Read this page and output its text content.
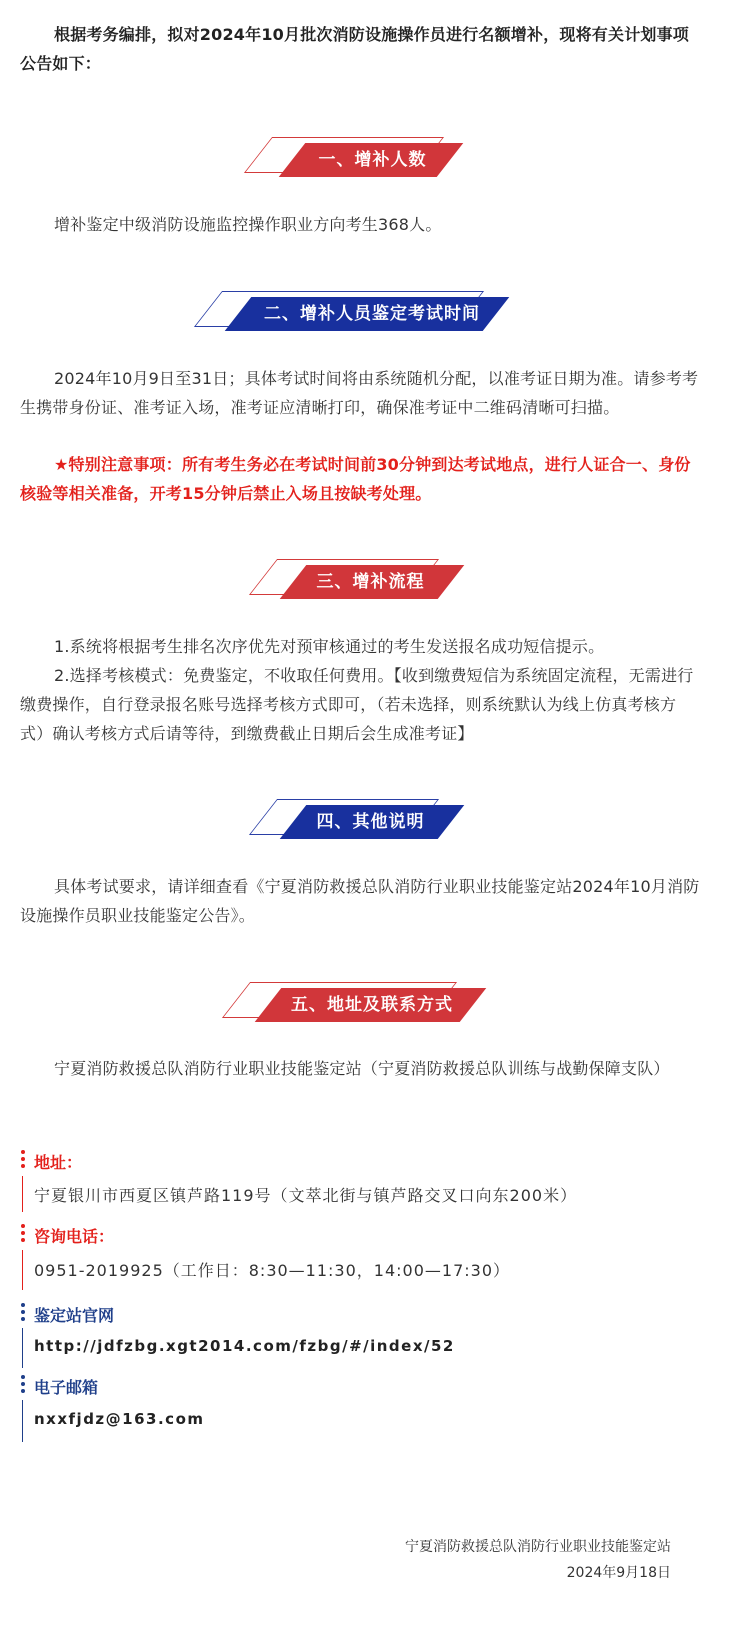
根据考务编排，拟对2024年10月批次消防设施操作员进行名额增补，现将有关计划事项公告如下：

一、增补人数

增补鉴定中级消防设施监控操作职业方向考生368人。

二、增补人员鉴定考试时间

2024年10月9日至31日；具体考试时间将由系统随机分配，以准考证日期为准。请参考考生携带身份证、准考证入场，准考证应清晰打印，确保准考证中二维码清晰可扫描。

★特别注意事项：所有考生务必在考试时间前30分钟到达考试地点，进行人证合一、身份核验等相关准备，开考15分钟后禁止入场且按缺考处理。

三、增补流程

1.系统将根据考生排名次序优先对预审核通过的考生发送报名成功短信提示。

2.选择考核模式：免费鉴定，不收取任何费用。【收到缴费短信为系统固定流程，无需进行缴费操作，自行登录报名账号选择考核方式即可，（若未选择，则系统默认为线上仿真考核方式）确认考核方式后请等待，到缴费截止日期后会生成准考证】

四、其他说明

具体考试要求，请详细查看《宁夏消防救援总队消防行业职业技能鉴定站2024年10月消防设施操作员职业技能鉴定公告》。

五、地址及联系方式

宁夏消防救援总队消防行业职业技能鉴定站（宁夏消防救援总队训练与战勤保障支队）

地址：
宁夏银川市西夏区镇芦路119号（文萃北街与镇芦路交叉口向东200米）
咨询电话：
0951-2019925（工作日：8:30—11:30，14:00—17:30）
鉴定站官网
http://jdfzbg.xgt2014.com/fzbg/#/index/52
电子邮箱
nxxfjdz@163.com
宁夏消防救援总队消防行业职业技能鉴定站
2024年9月18日
